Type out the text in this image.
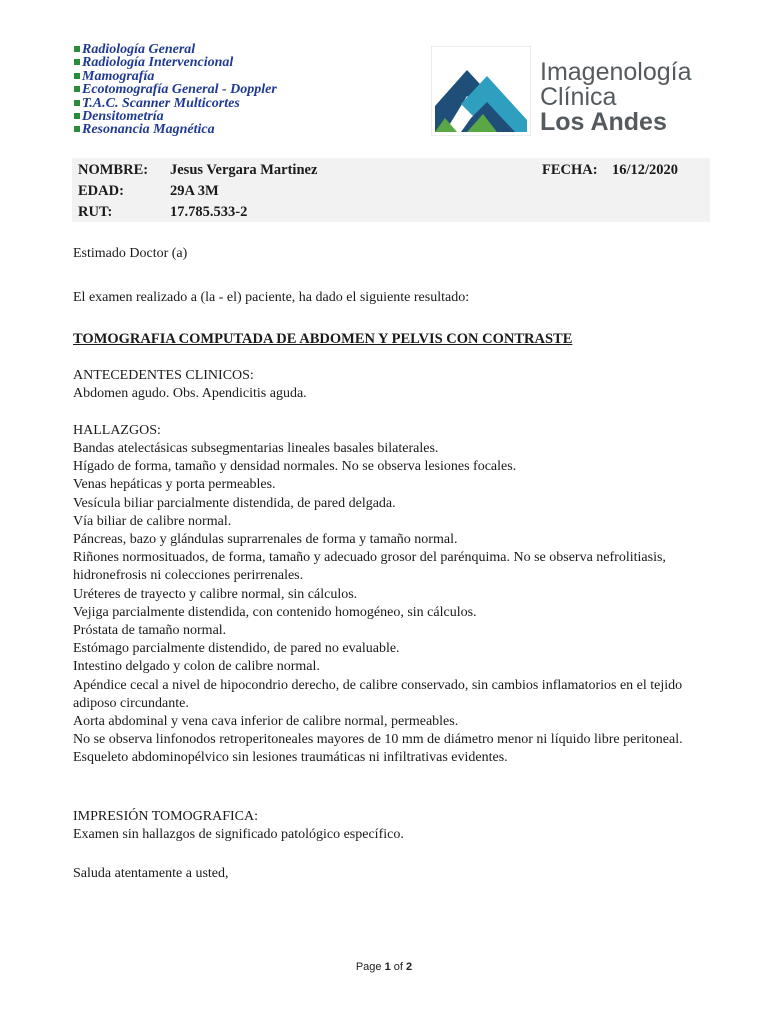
Radiología General
Radiología Intervencional
Mamografía
Ecotomografía General - Doppler
T.A.C. Scanner Multicortes
Densitometría
Resonancia Magnética
Imagenología
Clínica
Los Andes
NOMBRE: Jesus Vergara Martinez	FECHA: 16/12/2020
EDAD:	29A 3M
RUT:	17.785.533-2
Estimado Doctor (a)
El examen realizado a (la - el) paciente, ha dado el siguiente resultado:
TOMOGRAFIA COMPUTADA DE ABDOMEN Y PELVIS CON CONTRASTE
ANTECEDENTES CLINICOS:
Abdomen agudo. Obs. Apendicitis aguda.
HALLAZGOS:
Bandas atelectásicas subsegmentarias lineales basales bilaterales.
Hígado de forma, tamaño y densidad normales. No se observa lesiones focales.
Venas hepáticas y porta permeables.
Vesícula biliar parcialmente distendida, de pared delgada.
Vía biliar de calibre normal.
Páncreas, bazo y glándulas suprarrenales de forma y tamaño normal.
Riñones normosituados, de forma, tamaño y adecuado grosor del parénquima. No se observa nefrolitiasis, hidronefrosis ni colecciones perirrenales.
Uréteres de trayecto y calibre normal, sin cálculos.
Vejiga parcialmente distendida, con contenido homogéneo, sin cálculos.
Próstata de tamaño normal.
Estómago parcialmente distendido, de pared no evaluable.
Intestino delgado y colon de calibre normal.
Apéndice cecal a nivel de hipocondrio derecho, de calibre conservado, sin cambios inflamatorios en el tejido adiposo circundante.
Aorta abdominal y vena cava inferior de calibre normal, permeables.
No se observa linfonodos retroperitoneales mayores de 10 mm de diámetro menor ni líquido libre peritoneal.
Esqueleto abdominopélvico sin lesiones traumáticas ni infiltrativas evidentes.
IMPRESIÓN TOMOGRAFICA:
Examen sin hallazgos de significado patológico específico.
Saluda atentamente a usted,
Page 1 of 2
